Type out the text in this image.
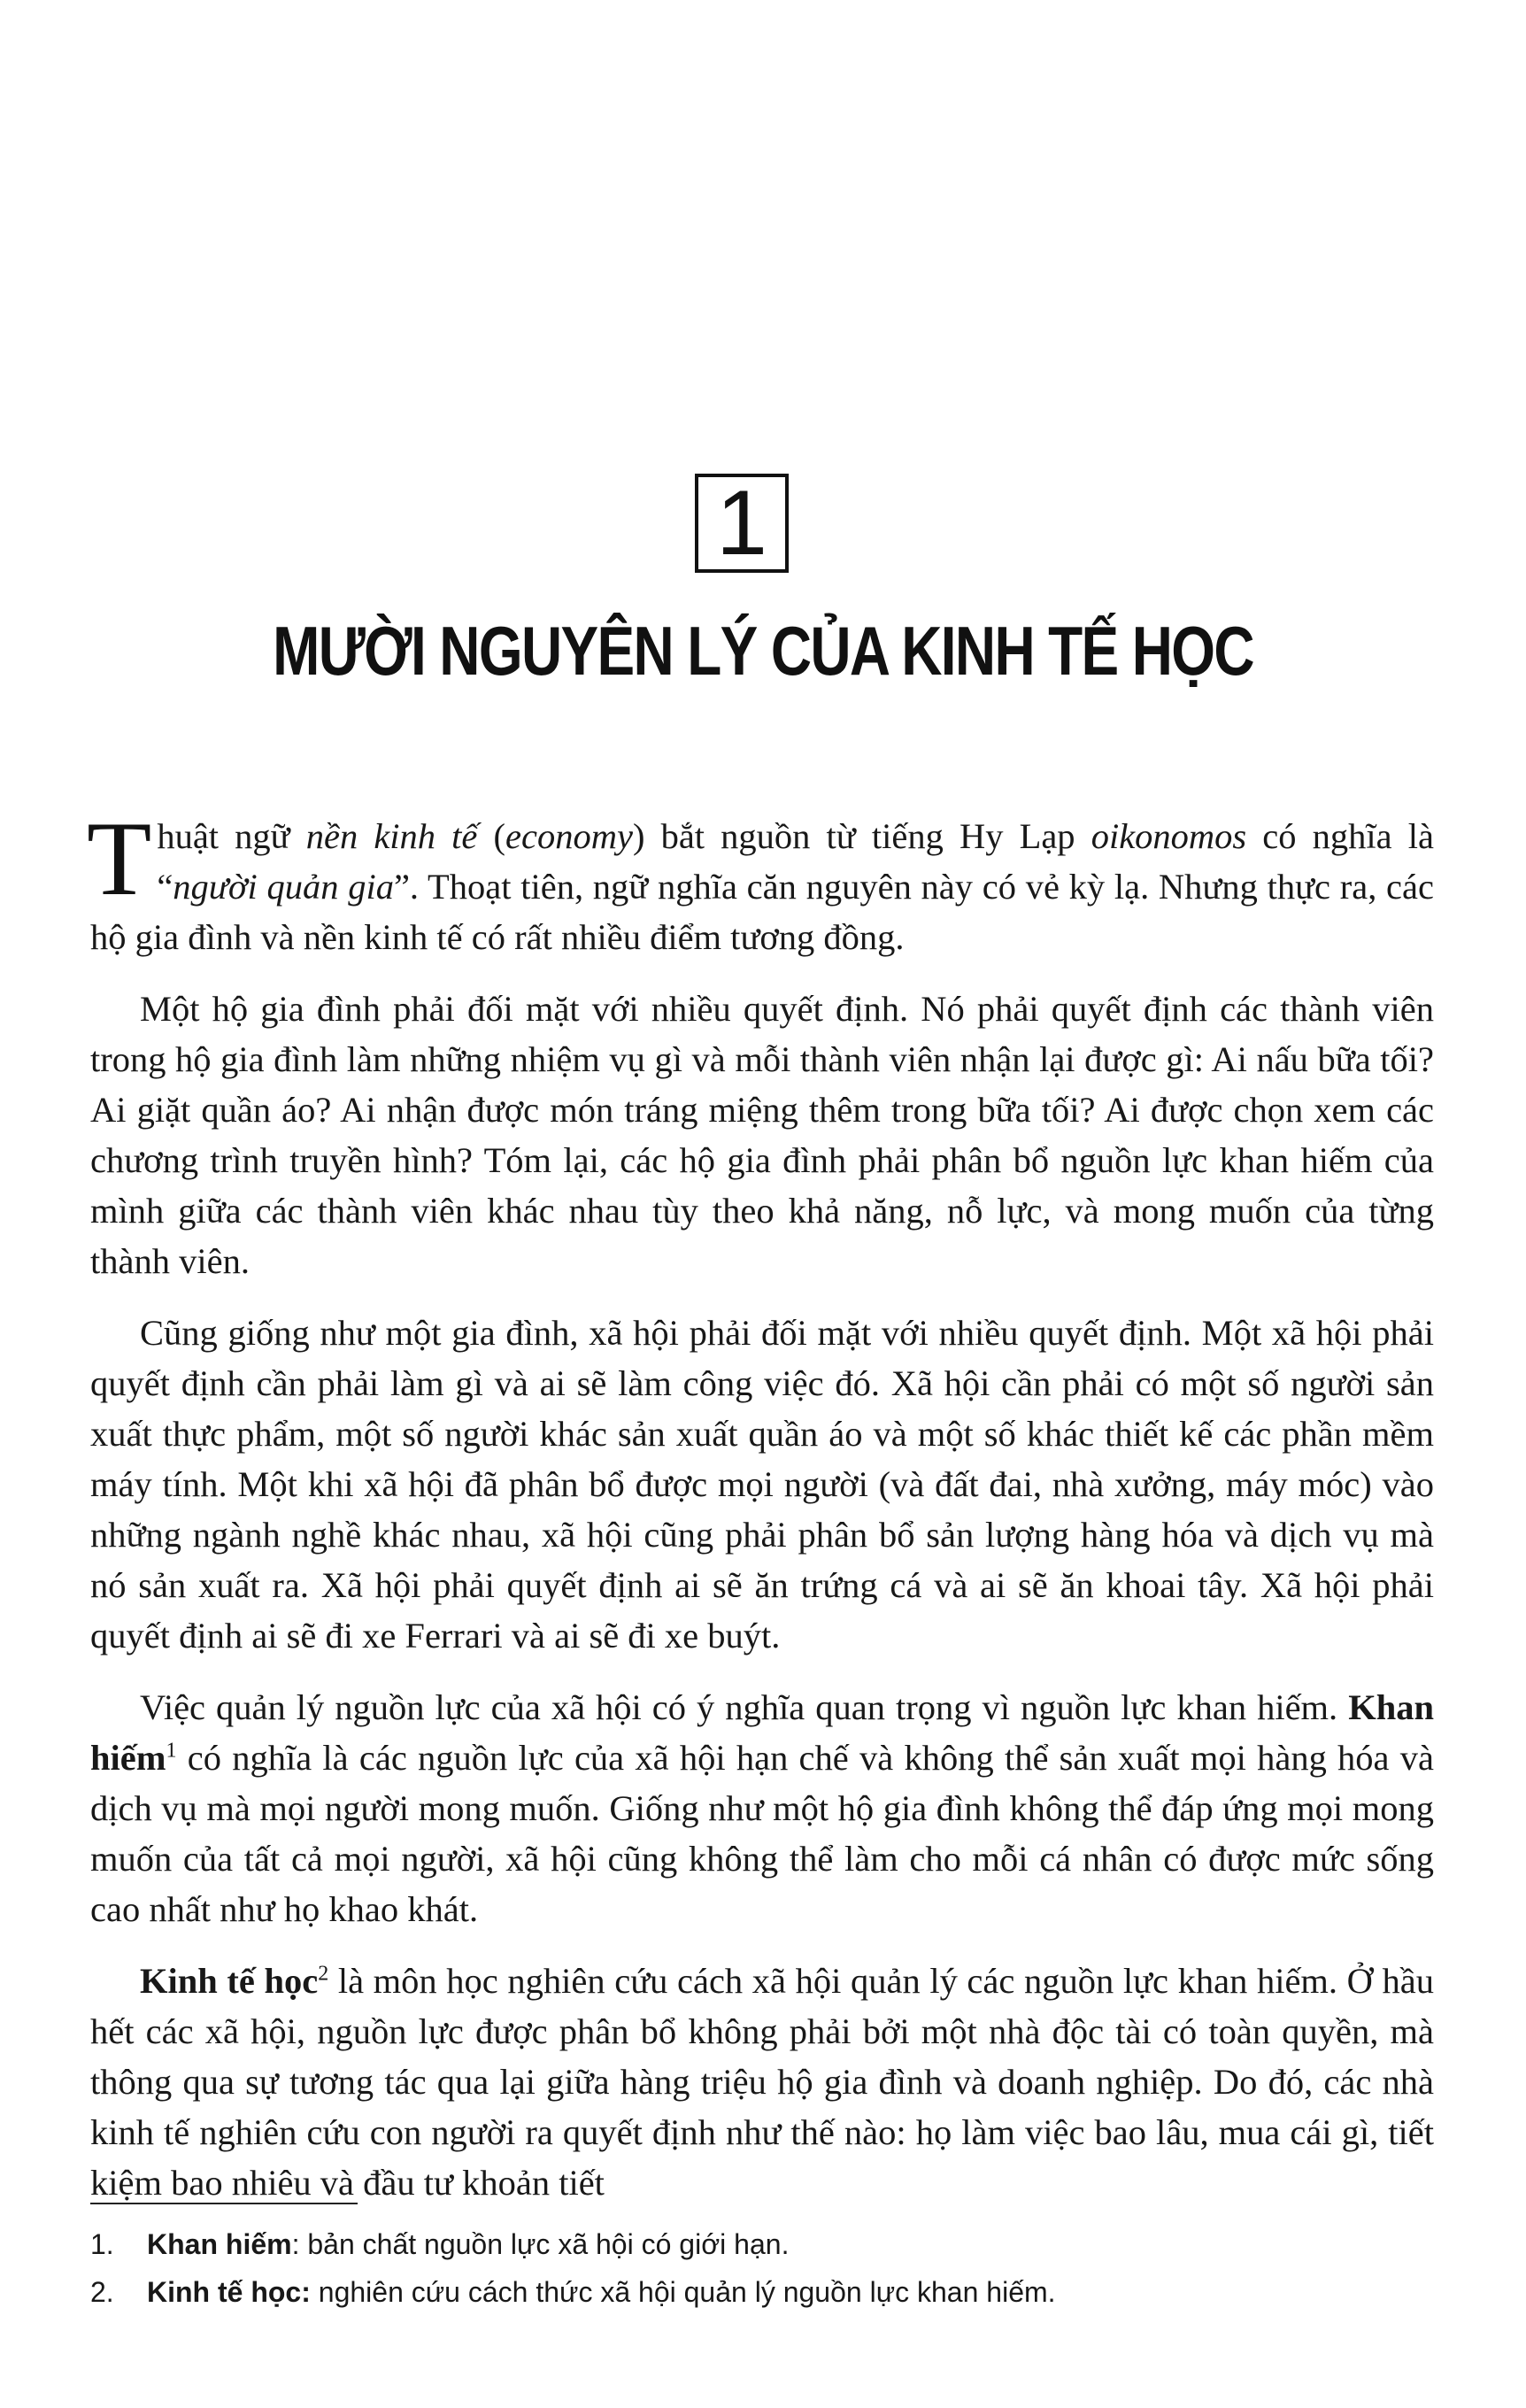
1
MƯỜI NGUYÊN LÝ CỦA KINH TẾ HỌC

Thuật ngữ nền kinh tế (economy) bắt nguồn từ tiếng Hy Lạp oikonomos có nghĩa là “người quản gia”. Thoạt tiên, ngữ nghĩa căn nguyên này có vẻ kỳ lạ. Nhưng thực ra, các hộ gia đình và nền kinh tế có rất nhiều điểm tương đồng.

Một hộ gia đình phải đối mặt với nhiều quyết định. Nó phải quyết định các thành viên trong hộ gia đình làm những nhiệm vụ gì và mỗi thành viên nhận lại được gì: Ai nấu bữa tối? Ai giặt quần áo? Ai nhận được món tráng miệng thêm trong bữa tối? Ai được chọn xem các chương trình truyền hình? Tóm lại, các hộ gia đình phải phân bổ nguồn lực khan hiếm của mình giữa các thành viên khác nhau tùy theo khả năng, nỗ lực, và mong muốn của từng thành viên.

Cũng giống như một gia đình, xã hội phải đối mặt với nhiều quyết định. Một xã hội phải quyết định cần phải làm gì và ai sẽ làm công việc đó. Xã hội cần phải có một số người sản xuất thực phẩm, một số người khác sản xuất quần áo và một số khác thiết kế các phần mềm máy tính. Một khi xã hội đã phân bổ được mọi người (và đất đai, nhà xưởng, máy móc) vào những ngành nghề khác nhau, xã hội cũng phải phân bổ sản lượng hàng hóa và dịch vụ mà nó sản xuất ra. Xã hội phải quyết định ai sẽ ăn trứng cá và ai sẽ ăn khoai tây. Xã hội phải quyết định ai sẽ đi xe Ferrari và ai sẽ đi xe buýt.

Việc quản lý nguồn lực của xã hội có ý nghĩa quan trọng vì nguồn lực khan hiếm. Khan hiếm$^1$ có nghĩa là các nguồn lực của xã hội hạn chế và không thể sản xuất mọi hàng hóa và dịch vụ mà mọi người mong muốn. Giống như một hộ gia đình không thể đáp ứng mọi mong muốn của tất cả mọi người, xã hội cũng không thể làm cho mỗi cá nhân có được mức sống cao nhất như họ khao khát.

Kinh tế học$^2$ là môn học nghiên cứu cách xã hội quản lý các nguồn lực khan hiếm. Ở hầu hết các xã hội, nguồn lực được phân bổ không phải bởi một nhà độc tài có toàn quyền, mà thông qua sự tương tác qua lại giữa hàng triệu hộ gia đình và doanh nghiệp. Do đó, các nhà kinh tế nghiên cứu con người ra quyết định như thế nào: họ làm việc bao lâu, mua cái gì, tiết kiệm bao nhiêu và đầu tư khoản tiết

1. Khan hiếm: bản chất nguồn lực xã hội có giới hạn.
2. Kinh tế học: nghiên cứu cách thức xã hội quản lý nguồn lực khan hiếm.
